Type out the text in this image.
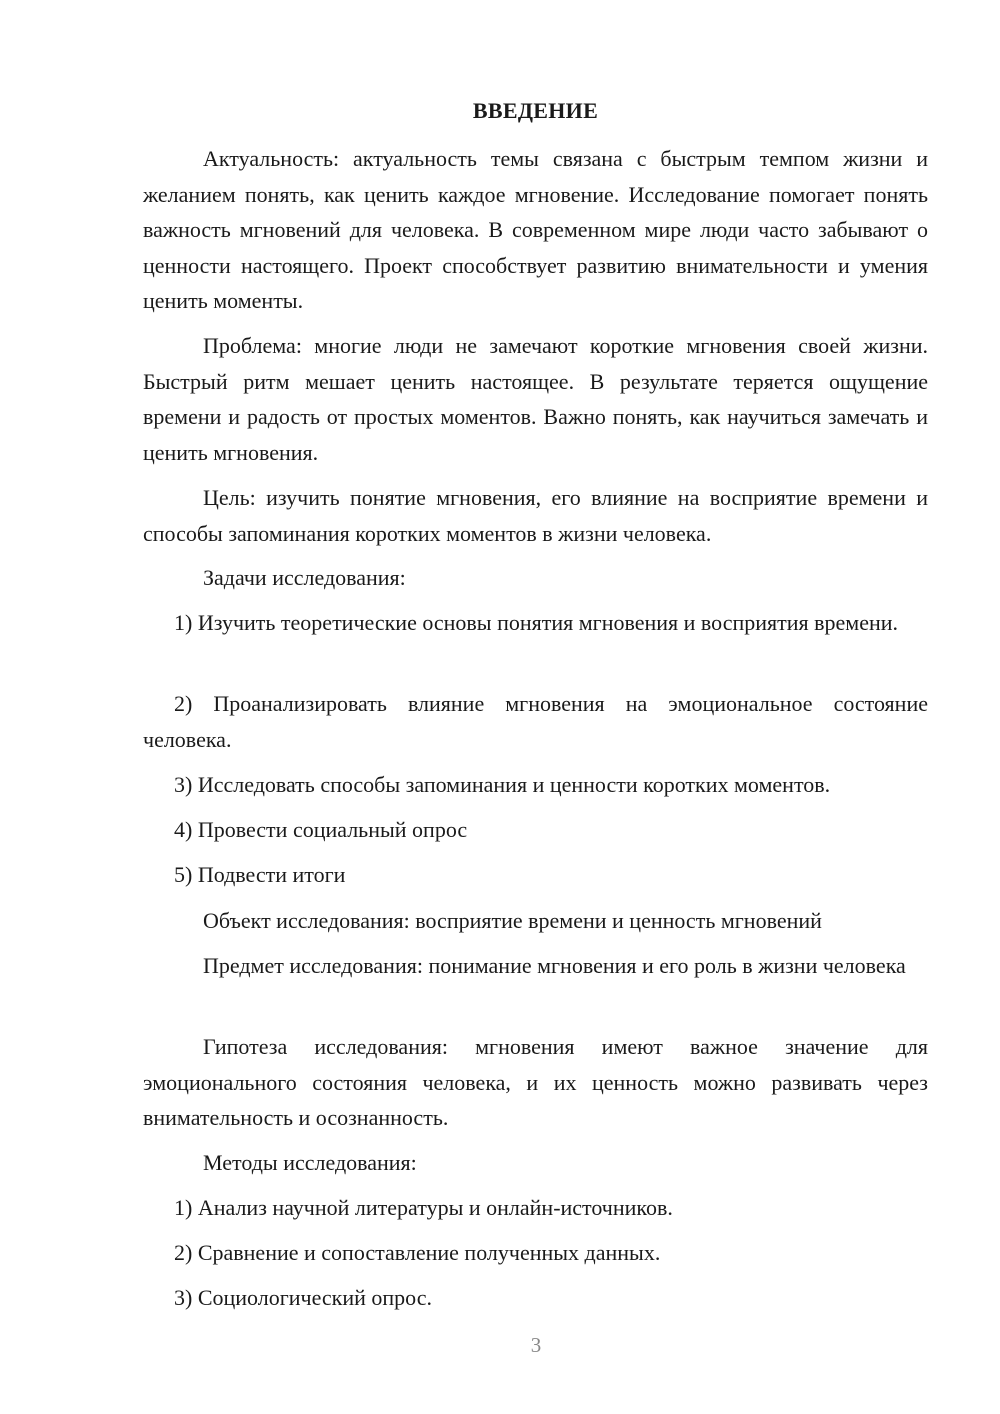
ВВЕДЕНИЕ

Актуальность: актуальность темы связана с быстрым темпом жизни и желанием понять, как ценить каждое мгновение. Исследование помогает понять важность мгновений для человека. В современном мире люди часто забывают о ценности настоящего. Проект способствует развитию внимательности и умения ценить моменты.

Проблема: многие люди не замечают короткие мгновения своей жизни. Быстрый ритм мешает ценить настоящее. В результате теряется ощущение времени и радость от простых моментов. Важно понять, как научиться замечать и ценить мгновения.

Цель: изучить понятие мгновения, его влияние на восприятие времени и способы запоминания коротких моментов в жизни человека.

Задачи исследования:

1) Изучить теоретические основы понятия мгновения и восприятия времени.

2) Проанализировать влияние мгновения на эмоциональное состояние человека.

3) Исследовать способы запоминания и ценности коротких моментов.

4) Провести социальный опрос

5) Подвести итоги

Объект исследования: восприятие времени и ценность мгновений

Предмет исследования: понимание мгновения и его роль в жизни человека

Гипотеза исследования: мгновения имеют важное значение для эмоционального состояния человека, и их ценность можно развивать через внимательность и осознанность.

Методы исследования:

1) Анализ научной литературы и онлайн-источников.

2) Сравнение и сопоставление полученных данных.

3) Социологический опрос.

3
